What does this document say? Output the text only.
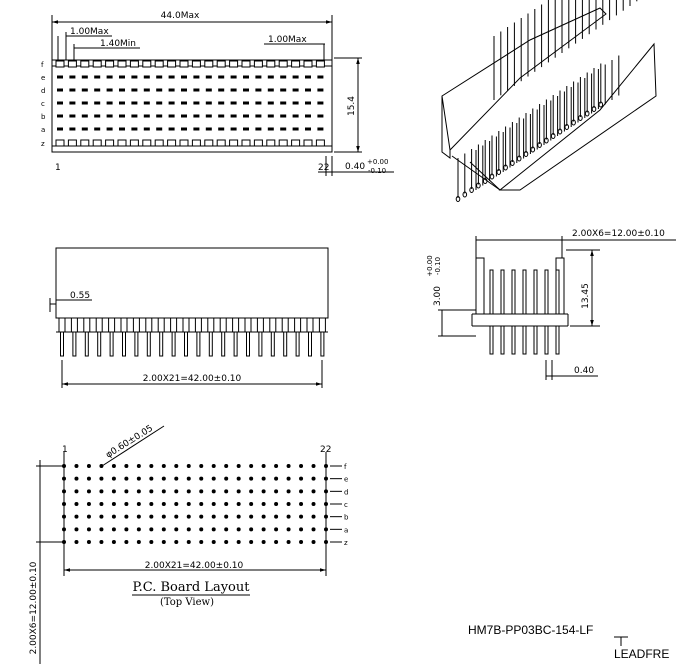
44.0Max
1.00Max
1.40Min	1.00Max
15.4
0.40 +0.00
-0.10
1	22
f
e
d
c
b
a
z
0.55
2.00X21=42.00±0.10
2.00X6=12.00±0.10
13.45
3.00
+0.00 -0.10
0.40
φ0.60±0.05
1	22
f
e
d
c
b
a
z
2.00X21=42.00±0.10
2.00X6=12.00±0.10	P.C. Board Layout
(Top View)
HM7B-PP03BC-154-LF
LEADFRE
